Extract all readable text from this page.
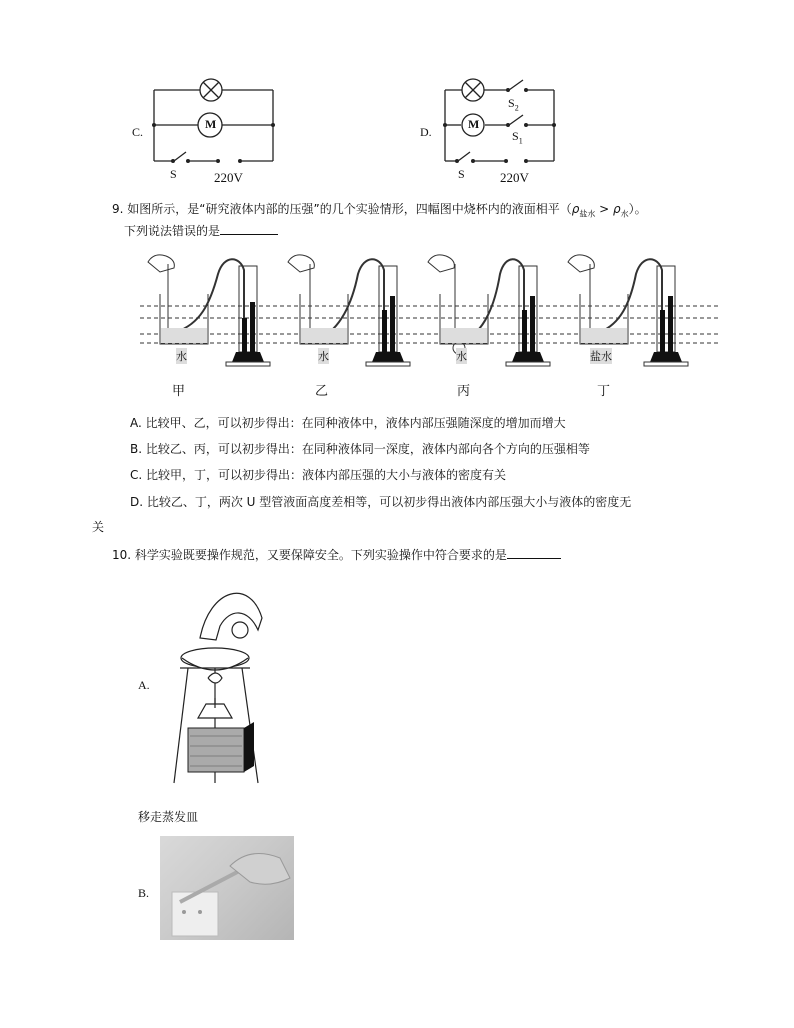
C.
M
S	220V
D.
M
$S_2$
$S_1$
S	220V
9. 如图所示，是“研究液体内部的压强”的几个实验情形，四幅图中烧杯内的液面相平$(\rho_{盐水} > \rho_水)$。
下列说法错误的是
水	水	水	盐水
甲	乙	丙	丁
A. 比较甲、乙，可以初步得出：在同种液体中，液体内部压强随深度的增加而增大
B. 比较乙、丙，可以初步得出：在同种液体同一深度，液体内部向各个方向的压强相等
C. 比较甲，丁，可以初步得出：液体内部压强的大小与液体的密度有关
D. 比较乙、丁，两次 U 型管液面高度差相等，可以初步得出液体内部压强大小与液体的密度无
关
10. 科学实验既要操作规范，又要保障安全。下列实验操作中符合要求的是
A.
移走蒸发皿
B.
